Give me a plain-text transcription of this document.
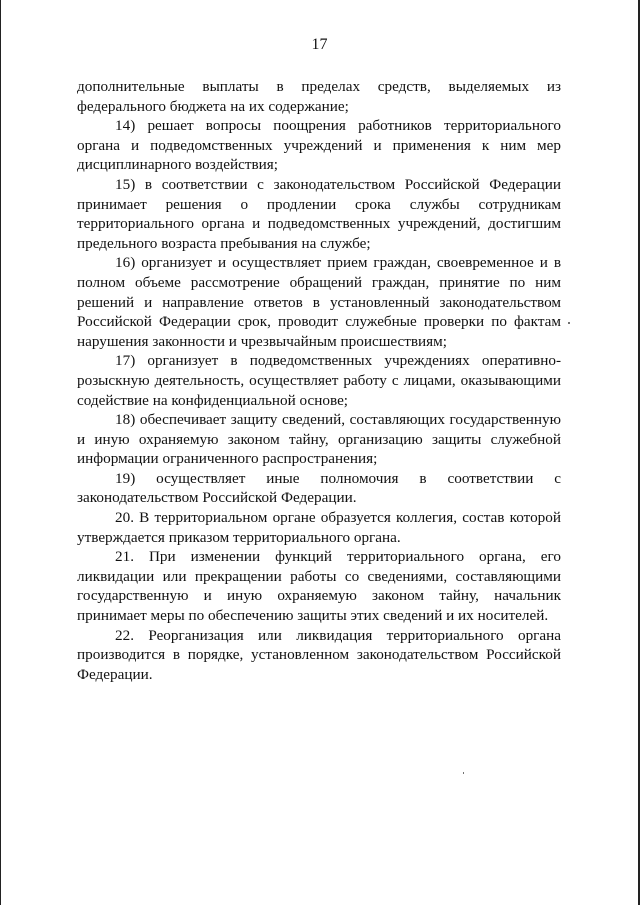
17

дополнительные выплаты в пределах средств, выделяемых из федерального бюджета на их содержание;

14) решает вопросы поощрения работников территориального органа и подведомственных учреждений и применения к ним мер дисциплинарного воздействия;

15) в соответствии с законодательством Российской Федерации принимает решения о продлении срока службы сотрудникам территориального органа и подведомственных учреждений, достигшим предельного возраста пребывания на службе;

16) организует и осуществляет прием граждан, своевременное и в полном объеме рассмотрение обращений граждан, принятие по ним решений и направление ответов в установленный законодательством Российской Федерации срок, проводит служебные проверки по фактам нарушения законности и чрезвычайным происшествиям;

17) организует в подведомственных учреждениях оперативно-розыскную деятельность, осуществляет работу с лицами, оказывающими содействие на конфиденциальной основе;

18) обеспечивает защиту сведений, составляющих государственную и иную охраняемую законом тайну, организацию защиты служебной информации ограниченного распространения;

19) осуществляет иные полномочия в соответствии с законодательством Российской Федерации.

20. В территориальном органе образуется коллегия, состав которой утверждается приказом территориального органа.

21. При изменении функций территориального органа, его ликвидации или прекращении работы со сведениями, составляющими государственную и иную охраняемую законом тайну, начальник принимает меры по обеспечению защиты этих сведений и их носителей.

22. Реорганизация или ликвидация территориального органа производится в порядке, установленном законодательством Российской Федерации.
